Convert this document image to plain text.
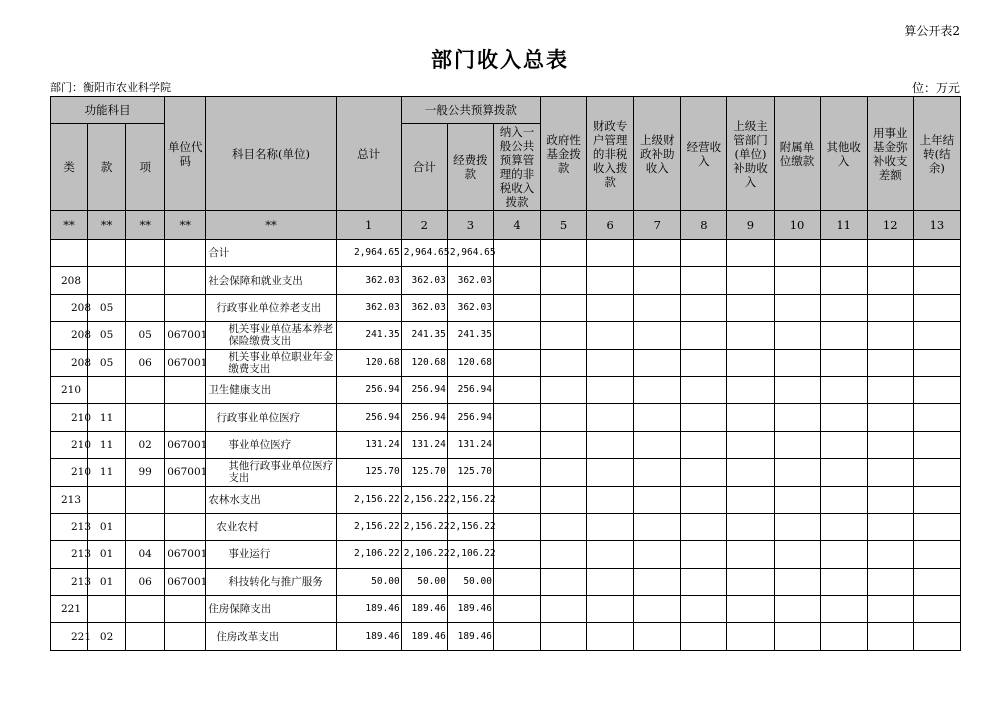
算公开表2
部门收入总表
部门：衡阳市农业科学院	位：万元
功能科目			单位代码	科目名称(单位)	总计	一般公共预算拨款			政府性基金拨款	财政专户管理的非税收入拨款	上级财政补助收入	经营收入	上级主管部门(单位)补助收入	附属单位缴款	其他收入	用事业基金弥补收支差额	上年结转(结余)
类	款	项				合计	经费拨款	纳入一般公共预算管理的非税收入拨款									
**	**	**	**	**	1	2	3	4	5	6	7	8	9	10	11	12	13
				合计	2,964.65	2,964.65	2,964.65										
208				社会保障和就业支出	362.03	362.03	362.03										
208	05			行政事业单位养老支出	362.03	362.03	362.03										
208	05	05	067001	机关事业单位基本养老保险缴费支出	241.35	241.35	241.35										
208	05	06	067001	机关事业单位职业年金缴费支出	120.68	120.68	120.68										
210				卫生健康支出	256.94	256.94	256.94										
210	11			行政事业单位医疗	256.94	256.94	256.94										
210	11	02	067001	事业单位医疗	131.24	131.24	131.24										
210	11	99	067001	其他行政事业单位医疗支出	125.70	125.70	125.70										
213				农林水支出	2,156.22	2,156.22	2,156.22										
213	01			农业农村	2,156.22	2,156.22	2,156.22										
213	01	04	067001	事业运行	2,106.22	2,106.22	2,106.22										
213	01	06	067001	科技转化与推广服务	50.00	50.00	50.00										
221				住房保障支出	189.46	189.46	189.46										
221	02			住房改革支出	189.46	189.46	189.46										
